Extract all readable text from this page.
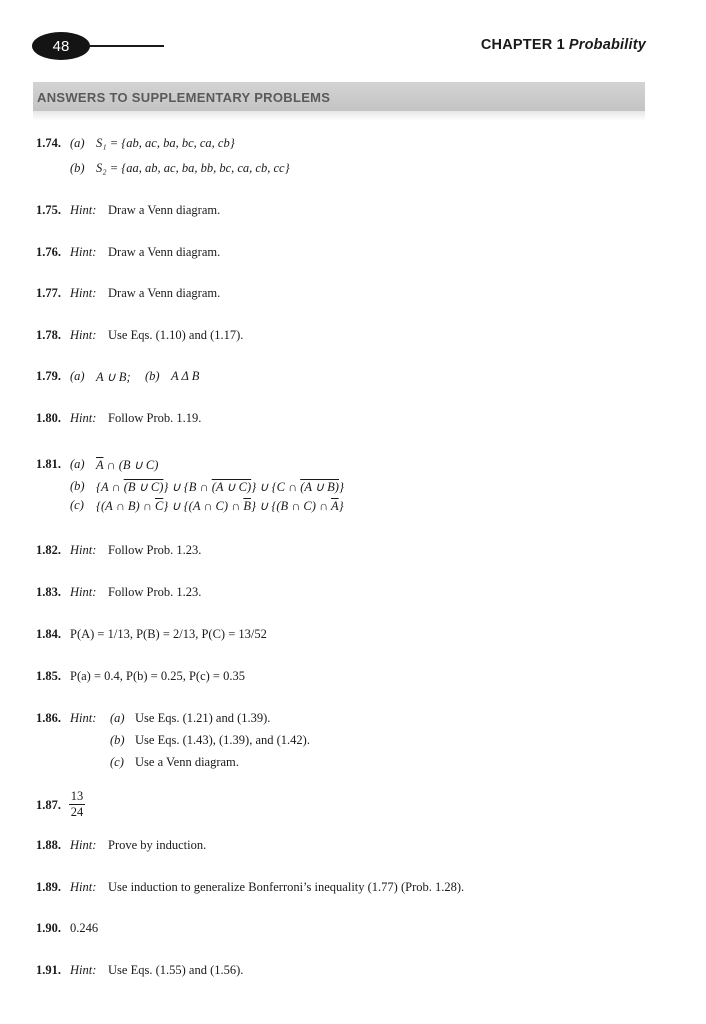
48	CHAPTER 1 Probability
ANSWERS TO SUPPLEMENTARY PROBLEMS
1.74. (a) S₁ = {ab, ac, ba, bc, ca, cb}
(b) S₂ = {aa, ab, ac, ba, bb, bc, ca, cb, cc}
1.75. Hint: Draw a Venn diagram.
1.76. Hint: Draw a Venn diagram.
1.77. Hint: Draw a Venn diagram.
1.78. Hint: Use Eqs. (1.10) and (1.17).
1.79. (a) A ∪ B; (b) A Δ B
1.80. Hint: Follow Prob. 1.19.
1.81. (a) $\overline{A}$ ∩ (B ∪ C)
(b) {A ∩ (B ∪ C)} ∪ {B ∩ (A ∪ C)} ∪ {C ∩ (A ∪ B)}
(c) {(A ∩ B) ∩ $\overline{C}$} ∪ {(A ∩ C) ∩ $\overline{B}$} ∪ {(B ∩ C) ∩ $\overline{A}$}
1.82. Hint: Follow Prob. 1.23.
1.83. Hint: Follow Prob. 1.23.
1.84. P(A) = 1/13, P(B) = 2/13, P(C) = 13/52
1.85. P(a) = 0.4, P(b) = 0.25, P(c) = 0.35
1.86. Hint: (a) Use Eqs. (1.21) and (1.39).
(b) Use Eqs. (1.43), (1.39), and (1.42).
(c) Use a Venn diagram.
1.87.
13
24
1.88. Hint: Prove by induction.
1.89. Hint: Use induction to generalize Bonferroni’s inequality (1.77) (Prob. 1.28).
1.90. 0.246
1.91. Hint: Use Eqs. (1.55) and (1.56).
